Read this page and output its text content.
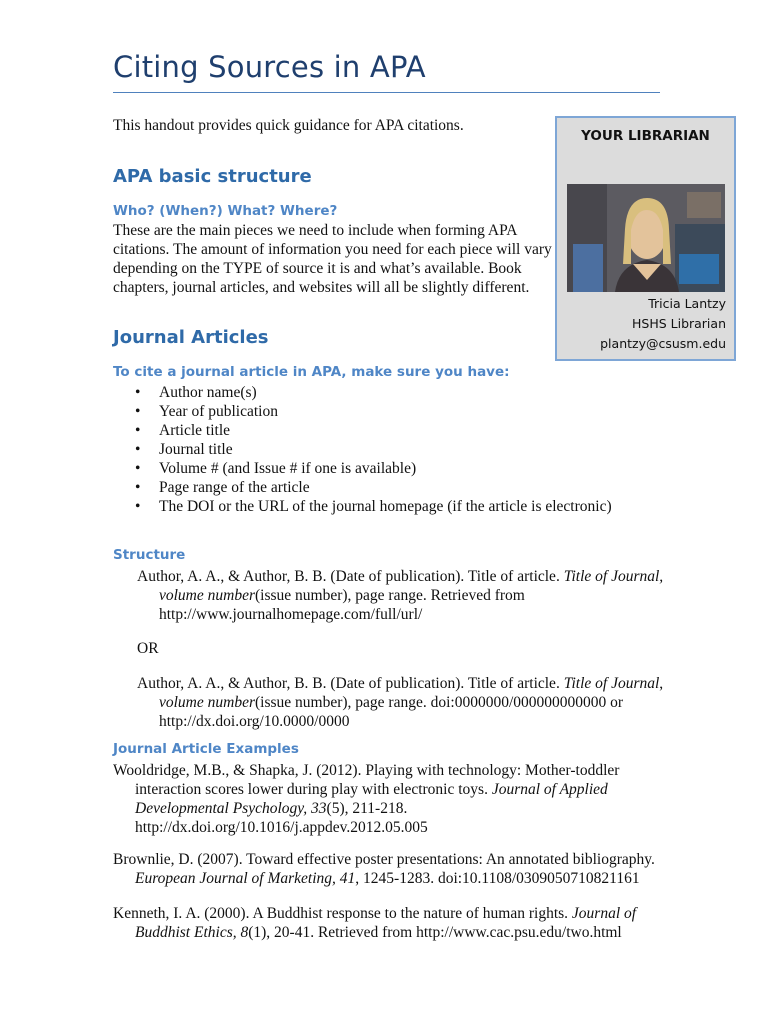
Citing Sources in APA
This handout provides quick guidance for APA citations.
YOUR LIBRARIAN
Tricia Lantzy
HSHS Librarian
plantzy@csusm.edu
APA basic structure
Who? (When?) What? Where?
These are the main pieces we need to include when forming APA
citations. The amount of information you need for each piece will vary
depending on the TYPE of source it is and what’s available. Book
chapters, journal articles, and websites will all be slightly different.
Journal Articles
To cite a journal article in APA, make sure you have:
• Author name(s)
• Year of publication
• Article title
• Journal title
• Volume # (and Issue # if one is available)
• Page range of the article
• The DOI or the URL of the journal homepage (if the article is electronic)
Structure
Author, A. A., & Author, B. B. (Date of publication). Title of article. Title of Journal,
volume number(issue number), page range. Retrieved from
http://www.journalhomepage.com/full/url/
OR
Author, A. A., & Author, B. B. (Date of publication). Title of article. Title of Journal,
volume number(issue number), page range. doi:0000000/000000000000 or
http://dx.doi.org/10.0000/0000
Journal Article Examples
Wooldridge, M.B., & Shapka, J. (2012). Playing with technology: Mother-toddler
interaction scores lower during play with electronic toys. Journal of Applied
Developmental Psychology, 33(5), 211-218.
http://dx.doi.org/10.1016/j.appdev.2012.05.005
Brownlie, D. (2007). Toward effective poster presentations: An annotated bibliography.
European Journal of Marketing, 41, 1245-1283. doi:10.1108/0309050710821161
Kenneth, I. A. (2000). A Buddhist response to the nature of human rights. Journal of
Buddhist Ethics, 8(1), 20-41. Retrieved from http://www.cac.psu.edu/two.html
